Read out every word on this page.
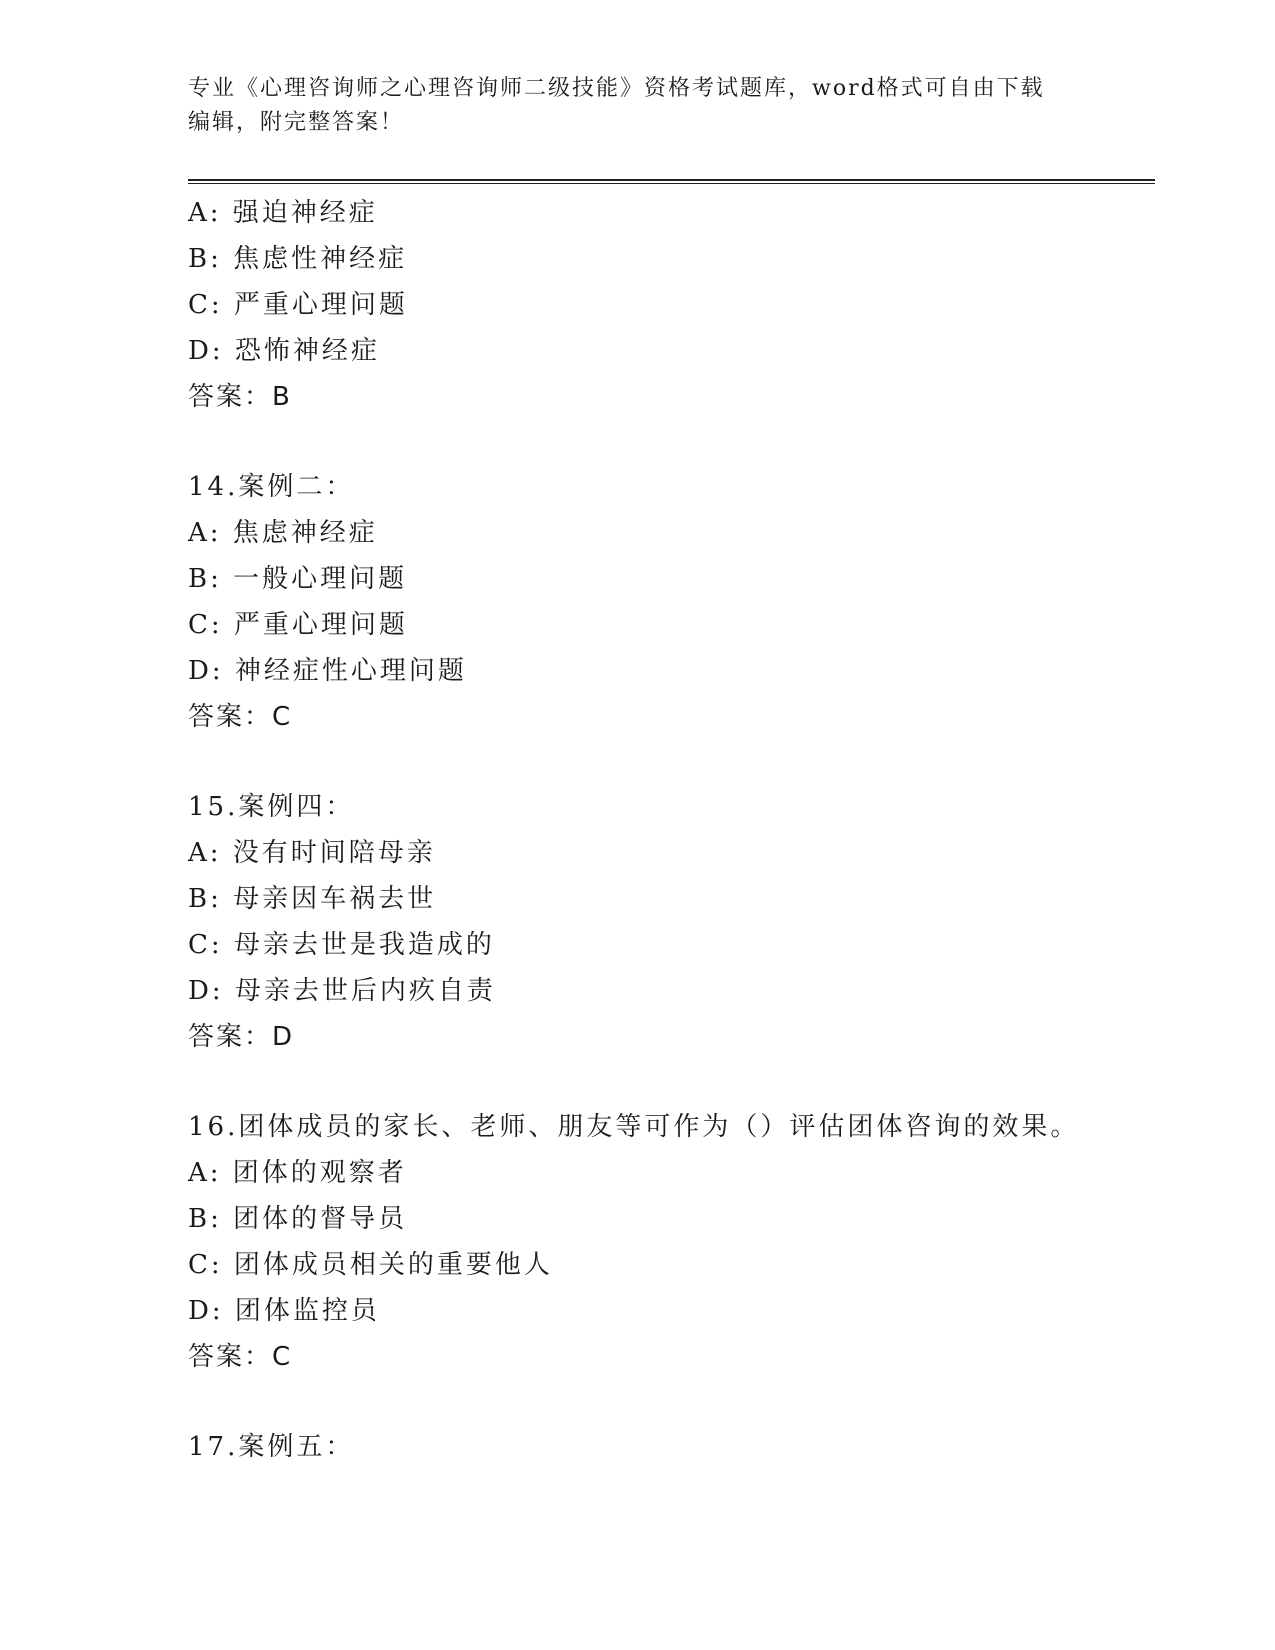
专业《心理咨询师之心理咨询师二级技能》资格考试题库，word格式可自由下载
编辑，附完整答案！
A: 强迫神经症
B: 焦虑性神经症
C: 严重心理问题
D: 恐怖神经症
答案：B
14.案例二：
A: 焦虑神经症
B: 一般心理问题
C: 严重心理问题
D: 神经症性心理问题
答案：C
15.案例四：
A: 没有时间陪母亲
B: 母亲因车祸去世
C: 母亲去世是我造成的
D: 母亲去世后内疚自责
答案：D
16.团体成员的家长、老师、朋友等可作为（）评估团体咨询的效果。
A: 团体的观察者
B: 团体的督导员
C: 团体成员相关的重要他人
D: 团体监控员
答案：C
17.案例五：
